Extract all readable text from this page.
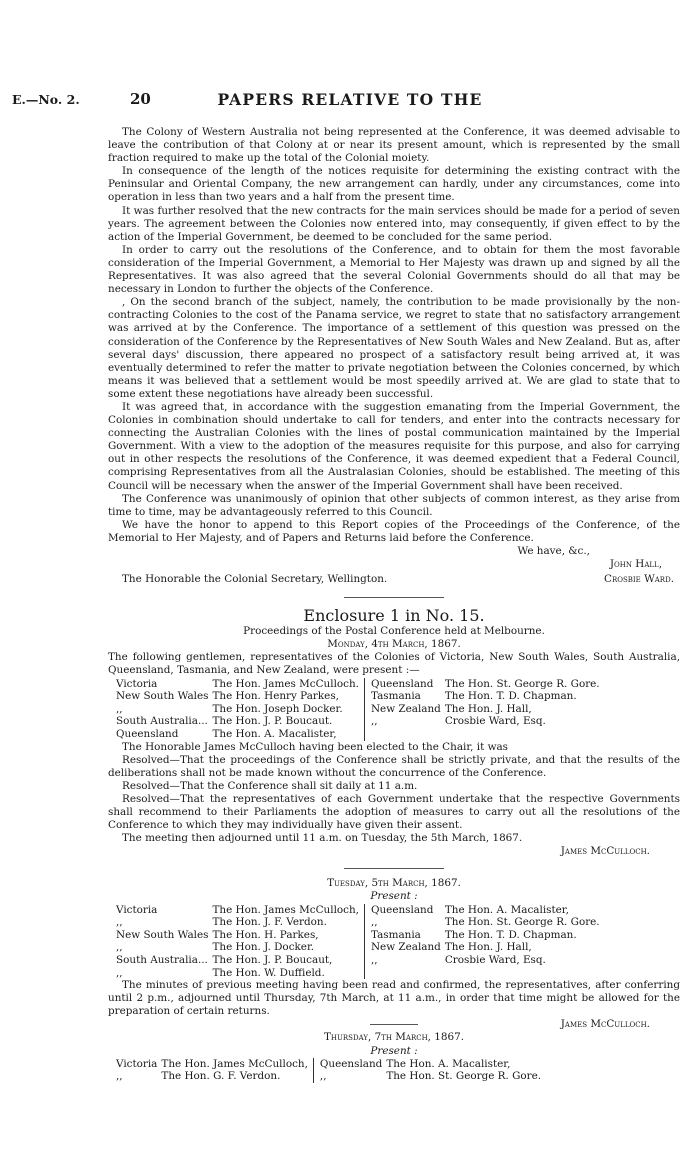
E.—No. 2.	20	PAPERS RELATIVE TO THE

The Colony of Western Australia not being represented at the Conference, it was deemed advisable to leave the contribution of that Colony at or near its present amount, which is represented by the small fraction required to make up the total of the Colonial moiety.

In consequence of the length of the notices requisite for determining the existing contract with the Peninsular and Oriental Company, the new arrangement can hardly, under any circumstances, come into operation in less than two years and a half from the present time.

It was further resolved that the new contracts for the main services should be made for a period of seven years. The agreement between the Colonies now entered into, may consequently, if given effect to by the action of the Imperial Government, be deemed to be concluded for the same period.

In order to carry out the resolutions of the Conference, and to obtain for them the most favorable consideration of the Imperial Government, a Memorial to Her Majesty was drawn up and signed by all the Representatives. It was also agreed that the several Colonial Governments should do all that may be necessary in London to further the objects of the Conference.

, On the second branch of the subject, namely, the contribution to be made provisionally by the non-contracting Colonies to the cost of the Panama service, we regret to state that no satisfactory arrangement was arrived at by the Conference. The importance of a settlement of this question was pressed on the consideration of the Conference by the Representatives of New South Wales and New Zealand. But as, after several days' discussion, there appeared no prospect of a satisfactory result being arrived at, it was eventually determined to refer the matter to private negotiation between the Colonies concerned, by which means it was believed that a settlement would be most speedily arrived at. We are glad to state that to some extent these negotiations have already been successful.

It was agreed that, in accordance with the suggestion emanating from the Imperial Government, the Colonies in combination should undertake to call for tenders, and enter into the contracts necessary for connecting the Australian Colonies with the lines of postal communication maintained by the Imperial Government. With a view to the adoption of the measures requisite for this purpose, and also for carrying out in other respects the resolutions of the Conference, it was deemed expedient that a Federal Council, comprising Representatives from all the Australasian Colonies, should be established. The meeting of this Council will be necessary when the answer of the Imperial Government shall have been received.

The Conference was unanimously of opinion that other subjects of common interest, as they arise from time to time, may be advantageously referred to this Council.

We have the honor to append to this Report copies of the Proceedings of the Conference, of the Memorial to Her Majesty, and of Papers and Returns laid before the Conference.

We have, &c.,
John Hall,
The Honorable the Colonial Secretary, Wellington.	Crosbie Ward.
Enclosure 1 in No. 15.
Proceedings of the Postal Conference held at Melbourne.
Monday, 4th March, 1867.

The following gentlemen, representatives of the Colonies of Victoria, New South Wales, South Australia, Queensland, Tasmania, and New Zealand, were present :—

Victoria	The Hon. James McCulloch.	Queensland	The Hon. St. George R. Gore.
New South Wales	The Hon. Henry Parkes,	Tasmania	The Hon. T. D. Chapman.
,,	The Hon. Joseph Docker.	New Zealand	The Hon. J. Hall,
South Australia...	The Hon. J. P. Boucaut.	,,	Crosbie Ward, Esq.
Queensland	The Hon. A. Macalister,		

The Honorable James McCulloch having been elected to the Chair, it was

Resolved—That the proceedings of the Conference shall be strictly private, and that the results of the deliberations shall not be made known without the concurrence of the Conference.

Resolved—That the Conference shall sit daily at 11 a.m.

Resolved—That the representatives of each Government undertake that the respective Governments shall recommend to their Parliaments the adoption of measures to carry out all the resolutions of the Conference to which they may individually have given their assent.

The meeting then adjourned until 11 a.m. on Tuesday, the 5th March, 1867.

James McCulloch.
Tuesday, 5th March, 1867.
Present :
Victoria	The Hon. James McCulloch,	Queensland	The Hon. A. Macalister,
,,	The Hon. J. F. Verdon.	,,	The Hon. St. George R. Gore.
New South Wales	The Hon. H. Parkes,	Tasmania	The Hon. T. D. Chapman.
,,	The Hon. J. Docker.	New Zealand	The Hon. J. Hall,
South Australia...	The Hon. J. P. Boucaut,	,,	Crosbie Ward, Esq.
,,	The Hon. W. Duffield.		

The minutes of previous meeting having been read and confirmed, the representatives, after conferring until 2 p.m., adjourned until Thursday, 7th March, at 11 a.m., in order that time might be allowed for the preparation of certain returns.

James McCulloch.
Thursday, 7th March, 1867.
Present :
Victoria	The Hon. James McCulloch,	Queensland	The Hon. A. Macalister,
,,	The Hon. G. F. Verdon.	,,	The Hon. St. George R. Gore.
